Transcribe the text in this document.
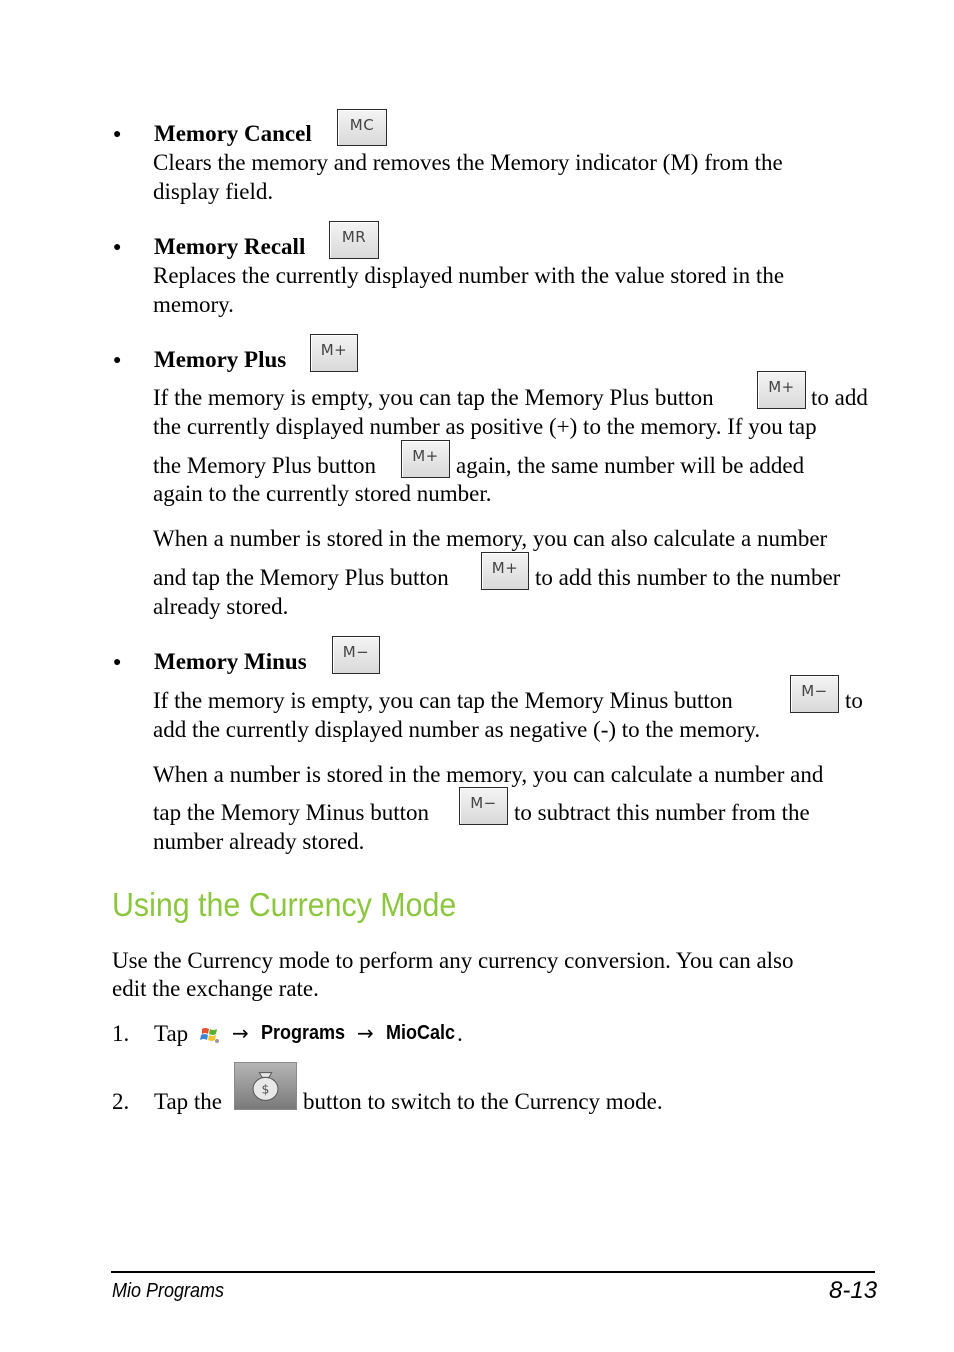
● Memory Cancel	MC
Clears the memory and removes the Memory indicator (M) from the
display field.
● Memory Recall	MR
Replaces the currently displayed number with the value stored in the
memory.
● Memory Plus	M+
If the memory is empty, you can tap the Memory Plus button	M+ to add
the currently displayed number as positive (+) to the memory. If you tap
the Memory Plus button	M+ again, the same number will be added
again to the currently stored number.
When a number is stored in the memory, you can also calculate a number
and tap the Memory Plus button	M+ to add this number to the number
already stored.
● Memory Minus	M−
If the memory is empty, you can tap the Memory Minus button	M− to
add the currently displayed number as negative (-) to the memory.
When a number is stored in the memory, you can calculate a number and
tap the Memory Minus button	M− to subtract this number from the
number already stored.
Using the Currency Mode
Use the Currency mode to perform any currency conversion. You can also
edit the exchange rate.
1. Tap → Programs → MioCalc .
2. Tap the	$ button to switch to the Currency mode.
Mio Programs	8-13
